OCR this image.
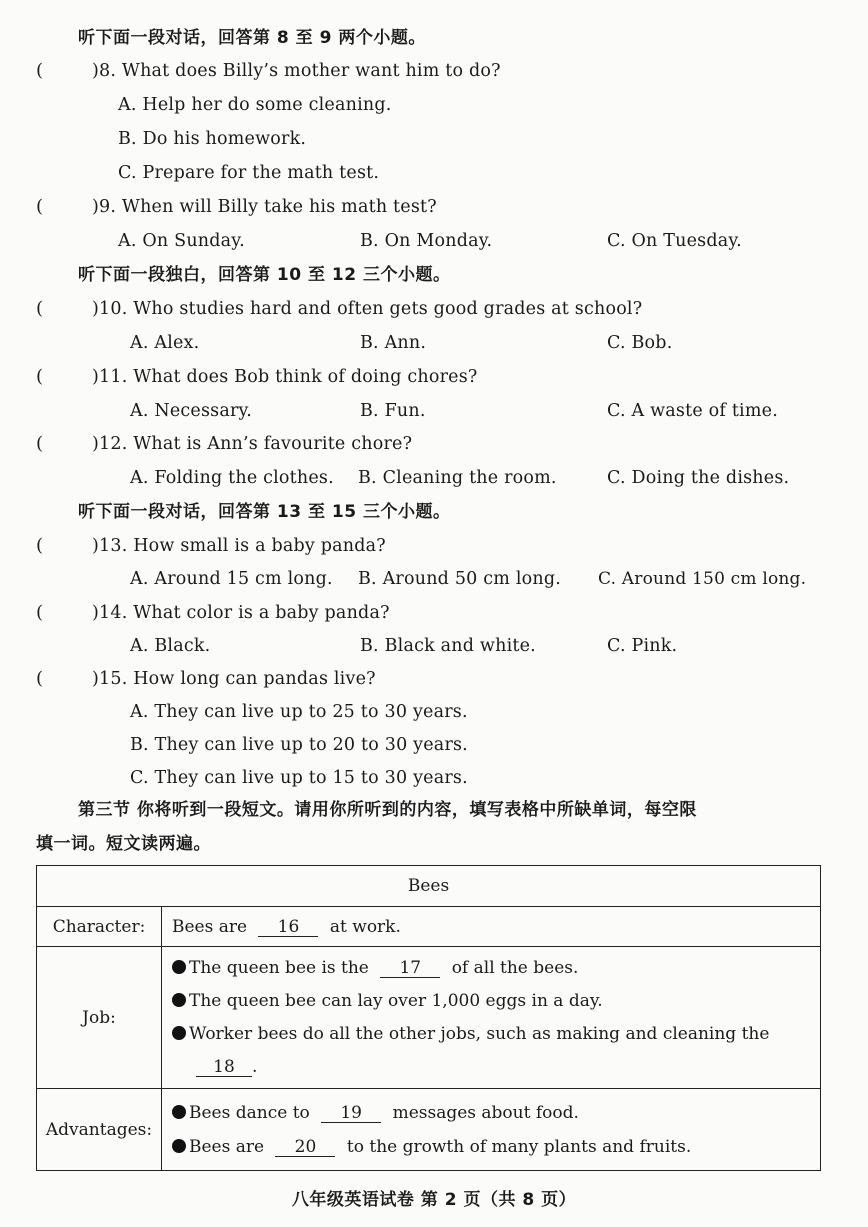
听下面一段对话，回答第 8 至 9 两个小题。
(	)8. What does Billy’s mother want him to do?
A. Help her do some cleaning.
B. Do his homework.
C. Prepare for the math test.
(	)9. When will Billy take his math test?
A. On Sunday.	B. On Monday.	C. On Tuesday.
听下面一段独白，回答第 10 至 12 三个小题。
(	)10. Who studies hard and often gets good grades at school?
A. Alex.	B. Ann.	C. Bob.
(	)11. What does Bob think of doing chores?
A. Necessary.	B. Fun.	C. A waste of time.
(	)12. What is Ann’s favourite chore?
A. Folding the clothes. B. Cleaning the room.	C. Doing the dishes.
听下面一段对话，回答第 13 至 15 三个小题。
(	)13. How small is a baby panda?
A. Around 15 cm long. B. Around 50 cm long. C. Around 150 cm long.
(	)14. What color is a baby panda?
A. Black.	B. Black and white.	C. Pink.
(	)15. How long can pandas live?
A. They can live up to 25 to 30 years.
B. They can live up to 20 to 30 years.
C. They can live up to 15 to 30 years.
第三节 你将听到一段短文。请用你所听到的内容，填写表格中所缺单词，每空限
填一词。短文读两遍。
Bees	
Character:	Bees are 16 at work.
Job:	The queen bee is the 17 of all the bees.
The queen bee can lay over 1,000 eggs in a day.
Worker bees do all the other jobs, such as making and cleaning the
18 .

Advantages:	Bees dance to 19 messages about food.
Bees are 20 to the growth of many plants and fruits.
八年级英语试卷 第 2 页（共 8 页）
